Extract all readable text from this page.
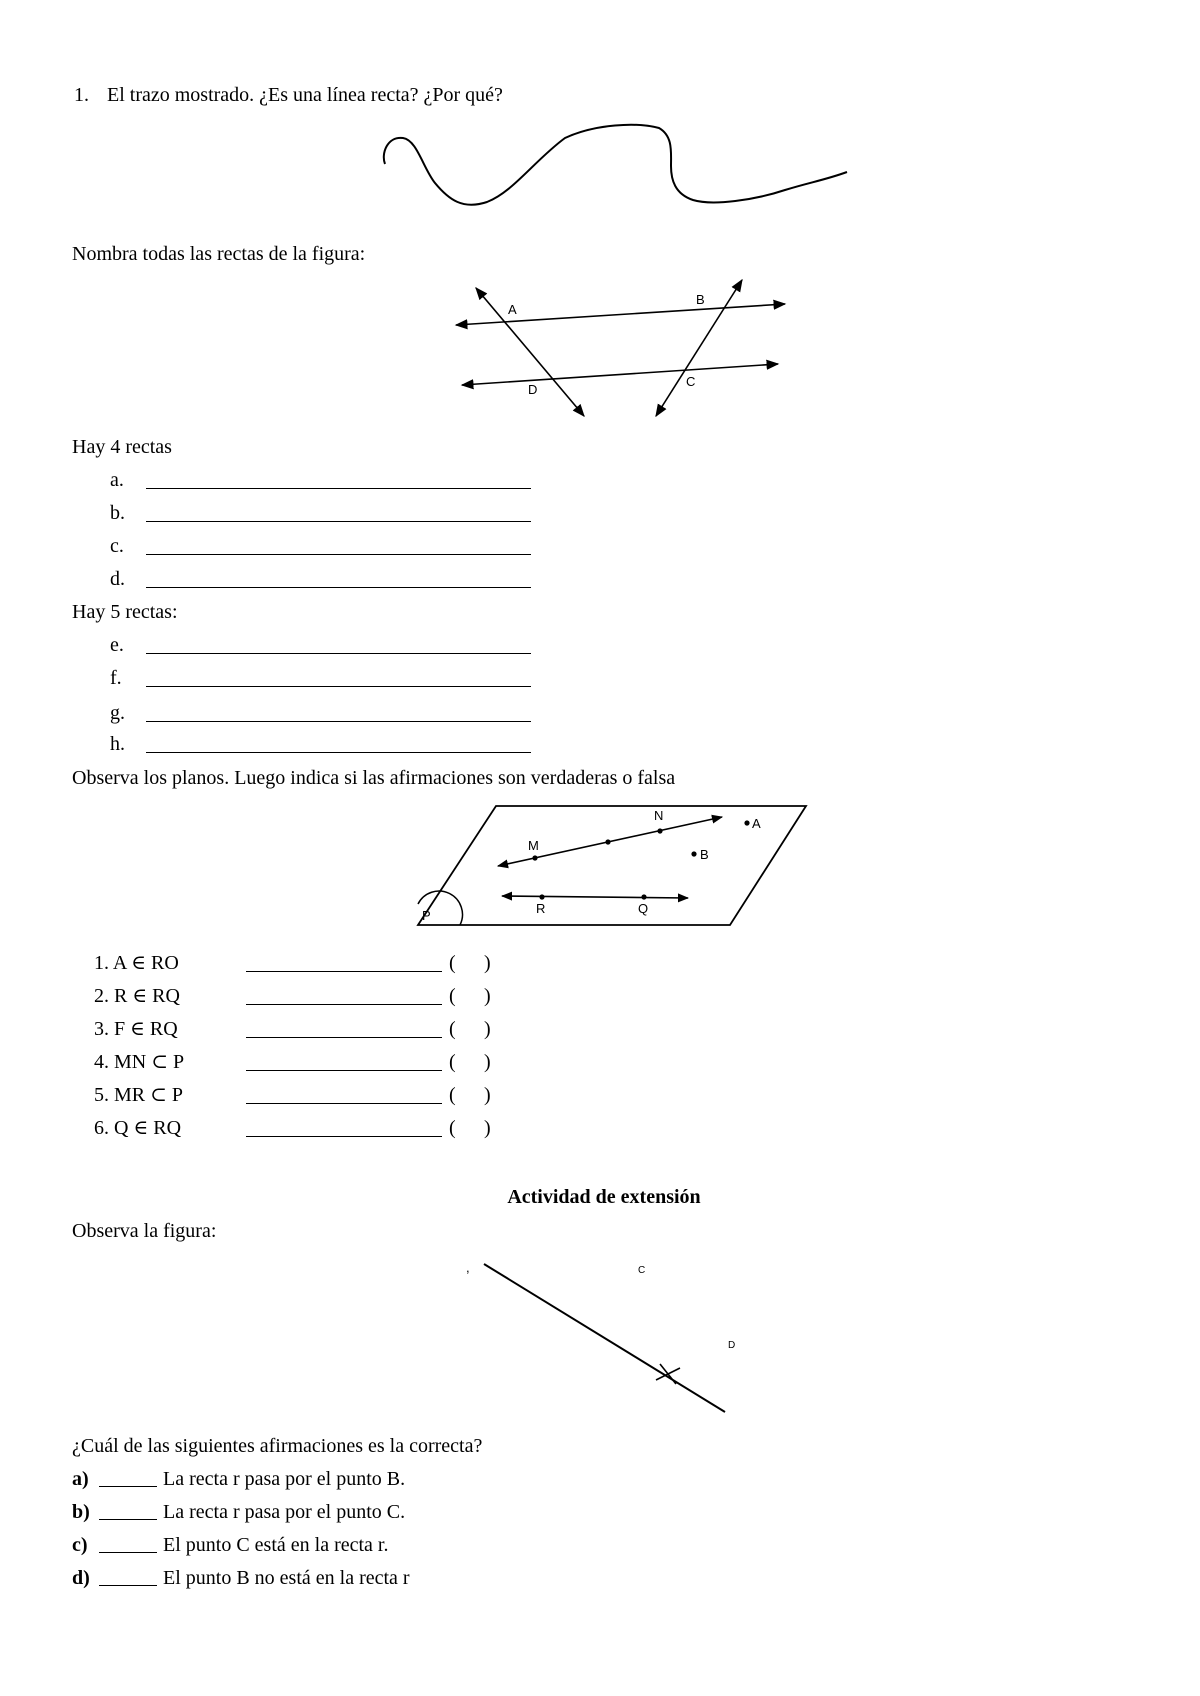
1. El trazo mostrado. ¿Es una línea recta? ¿Por qué?
Nombra todas las rectas de la figura:
A
B
C
D
Hay 4 rectas
a.
b.
c.
d.
Hay 5 rectas:
e.
f.
g.
h.
Observa los planos. Luego indica si las afirmaciones son verdaderas o falsa
N
A
M
B
R	Q
P
1. A ∈ RO	( )
2. R ∈ RQ	( )
3. F ∈ RQ	( )
4. MN ⊂ P	( )
5. MR ⊂ P	( )
6. Q ∈ RQ	( )
Actividad de extensión
Observa la figura:
,	C
D
¿Cuál de las siguientes afirmaciones es la correcta?
a)	La recta r pasa por el punto B.
b)	La recta r pasa por el punto C.
c)	El punto C está en la recta r.
d)	El punto B no está en la recta r
